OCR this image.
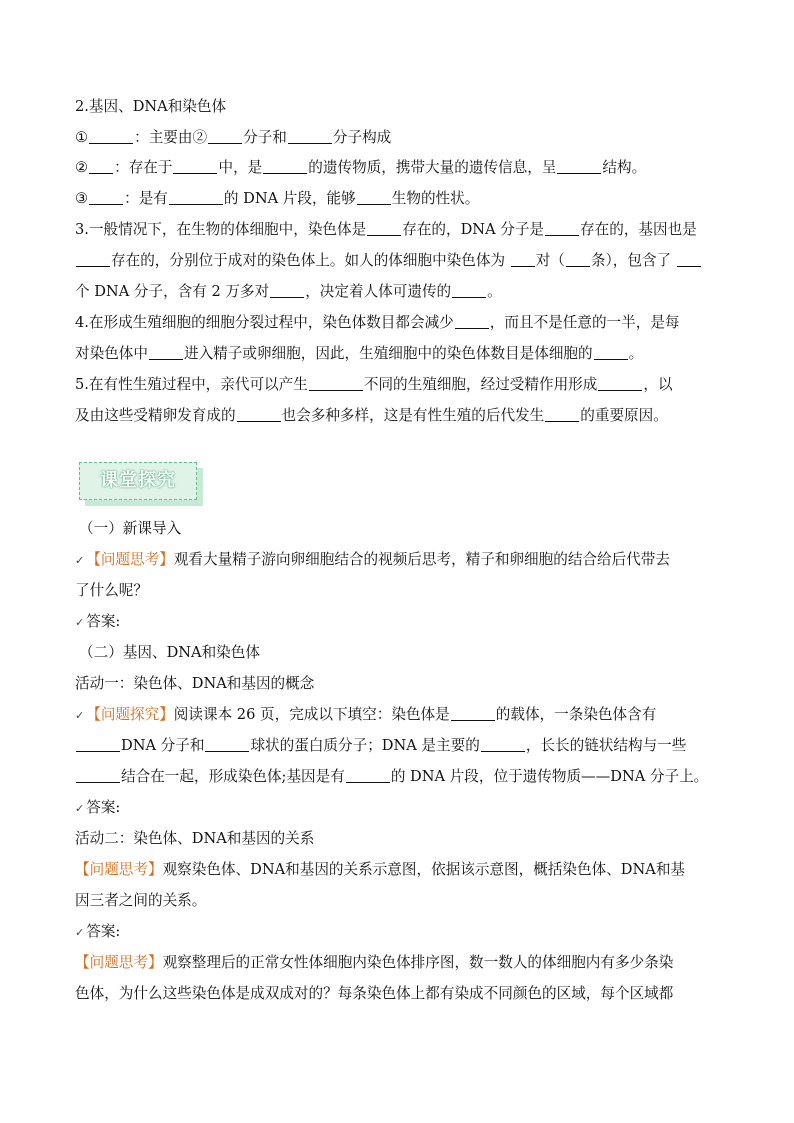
2.基因、DNA和染色体
①	：主要由② 分子和	分子构成
② ：存在于	中，是	的遗传物质，携带大量的遗传信息，呈	结构。
③ ：是有	的 DNA 片段，能够 生物的性状。
3.一般情况下，在生物的体细胞中，染色体是 存在的，DNA 分子是 存在的，基因也是
存在的，分别位于成对的染色体上。如人的体细胞中染色体为 对（ 条），包含了
个 DNA 分子，含有 2 万多对 ，决定着人体可遗传的 。
4.在形成生殖细胞的细胞分裂过程中，染色体数目都会减少 ，而且不是任意的一半，是每
对染色体中 进入精子或卵细胞，因此，生殖细胞中的染色体数目是体细胞的 。
5.在有性生殖过程中，亲代可以产生	不同的生殖细胞，经过受精作用形成	，以
及由这些受精卵发育成的	也会多种多样，这是有性生殖的后代发生 的重要原因。
课堂探究
（一）新课导入
✓ 【问题思考】观看大量精子游向卵细胞结合的视频后思考，精子和卵细胞的结合给后代带去
了什么呢？
✓ 答案:
（二）基因、DNA和染色体
活动一：染色体、DNA和基因的概念
✓ 【问题探究】阅读课本 26 页，完成以下填空：染色体是	的载体，一条染色体含有
DNA 分子和	球状的蛋白质分子；DNA 是主要的	，长长的链状结构与一些
结合在一起，形成染色体;基因是有	的 DNA 片段，位于遗传物质——DNA 分子上。
✓ 答案:
活动二：染色体、DNA和基因的关系
【问题思考】观察染色体、DNA和基因的关系示意图，依据该示意图，概括染色体、DNA和基
因三者之间的关系。
✓ 答案:
【问题思考】观察整理后的正常女性体细胞内染色体排序图，数一数人的体细胞内有多少条染
色体，为什么这些染色体是成双成对的？每条染色体上都有染成不同颜色的区域，每个区域都
